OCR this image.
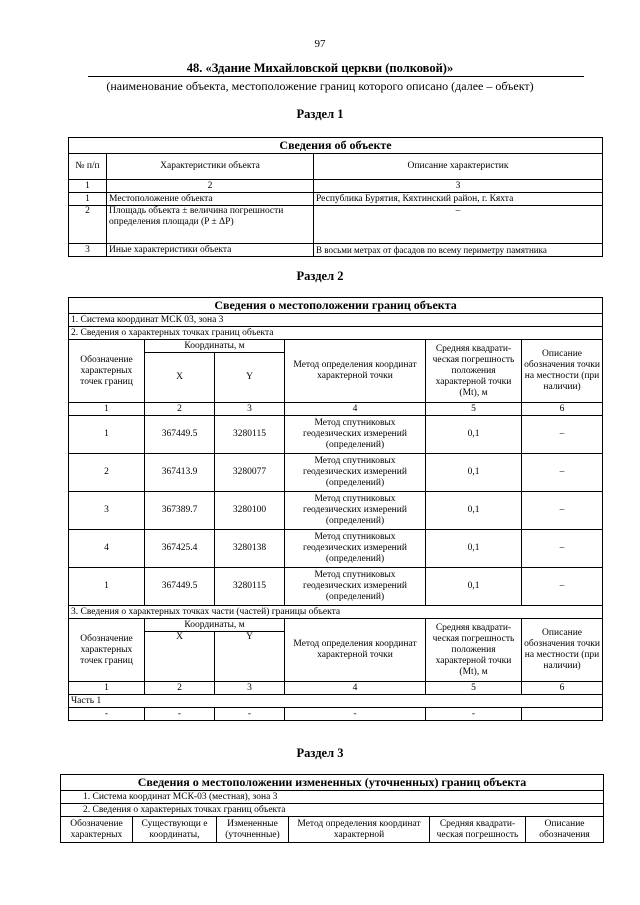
97
48. «Здание Михайловской церкви (полковой)»
(наименование объекта, местоположение границ которого описано (далее – объект)
Раздел 1
Сведения об объекте		
№ п/п	Характеристики объекта	Описание характеристик
1	2	3
1	Местоположение объекта	Республика Бурятия, Кяхтинский район, г. Кяхта
2	Площадь объекта ± величина погрешности определения площади (P ± ΔP)	–
3	Иные характеристики объекта	В восьми метрах от фасадов по всему периметру памятника
Раздел 2
Сведения о местоположении границ объекта					
1. Система координат МСК 03, зона 3					
2. Сведения о характерных точках границ объекта					
Обозначение характерных точек границ	Координаты, м		Метод определения координат характерной точки	Средняя квадрати-ческая погрешность положения характерной точки (Mt), м	Описание обозначения точки на местности (при наличии)
	X	Y			
1	2	3	4	5	6
1	367449.5	3280115	Метод спутниковых геодезических измерений (определений)	0,1	–
2	367413.9	3280077	Метод спутниковых геодезических измерений (определений)	0,1	–
3	367389.7	3280100	Метод спутниковых геодезических измерений (определений)	0,1	–
4	367425.4	3280138	Метод спутниковых геодезических измерений (определений)	0,1	–
1	367449.5	3280115	Метод спутниковых геодезических измерений (определений)	0,1	–
3. Сведения о характерных точках части (частей) границы объекта					
Обозначение характерных точек границ	Координаты, м		Метод определения координат характерной точки	Средняя квадрати-ческая погрешность положения характерной точки (Mt), м	Описание обозначения точки на местности (при наличии)
	X	Y			
1	2	3	4	5	6
Часть 1					
-	-	-	-	-	
Раздел 3
Сведения о местоположении измененных (уточненных) границ объекта
1. Система координат МСК-03 (местная), зона 3
2. Сведения о характерных точках границ объекта
Обозначение характерных	Существующи е координаты,	Измененные (уточненные)	Метод определения координат характерной	Средняя квадрати-ческая погрешность	Описание обозначения
